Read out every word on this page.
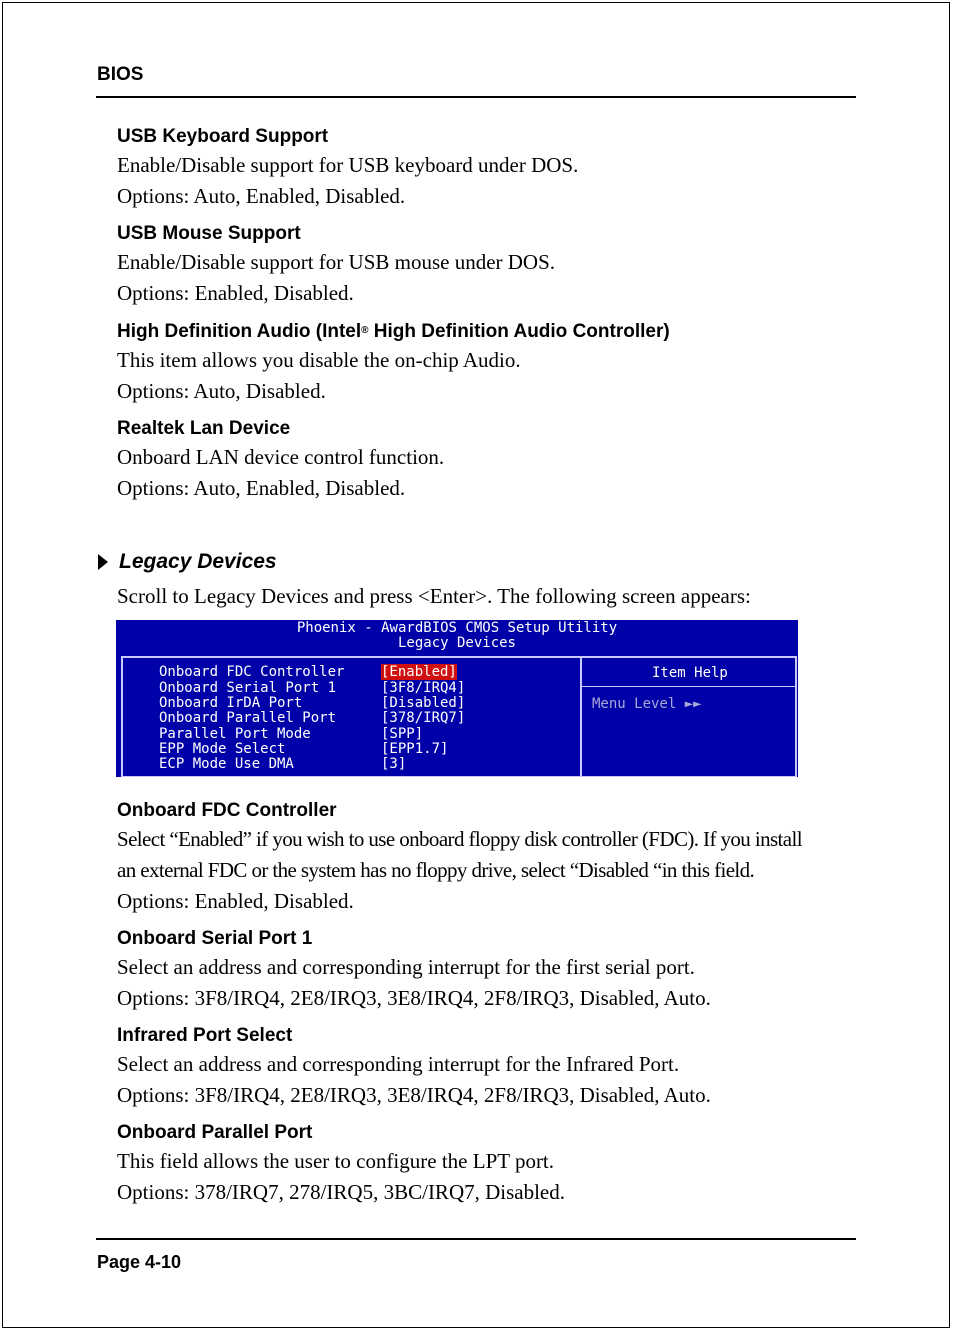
BIOS

USB Keyboard Support

Enable/Disable support for USB keyboard under DOS.

Options: Auto, Enabled, Disabled.

USB Mouse Support

Enable/Disable support for USB mouse under DOS.

Options: Enabled, Disabled.

High Definition Audio (Intel® High Definition Audio Controller)

This item allows you disable the on-chip Audio.

Options: Auto, Disabled.

Realtek Lan Device

Onboard LAN device control function.

Options: Auto, Enabled, Disabled.

Legacy Devices

Scroll to Legacy Devices and press <Enter>. The following screen appears:

Phoenix - AwardBIOS CMOS Setup Utility
Legacy Devices
Onboard FDC Controller	[Enabled]
Onboard Serial Port 1	[3F8/IRQ4]
Onboard IrDA Port	[Disabled]
Onboard Parallel Port	[378/IRQ7]
Parallel Port Mode	[SPP]
EPP Mode Select	[EPP1.7]
ECP Mode Use DMA	[3]
Item Help
Menu Level ►►

Onboard FDC Controller

Select “Enabled” if you wish to use onboard floppy disk controller (FDC). If you install

an external FDC or the system has no floppy drive, select “Disabled “in this field.

Options: Enabled, Disabled.

Onboard Serial Port 1

Select an address and corresponding interrupt for the first serial port.

Options: 3F8/IRQ4, 2E8/IRQ3, 3E8/IRQ4, 2F8/IRQ3, Disabled, Auto.

Infrared Port Select

Select an address and corresponding interrupt for the Infrared Port.

Options: 3F8/IRQ4, 2E8/IRQ3, 3E8/IRQ4, 2F8/IRQ3, Disabled, Auto.

Onboard Parallel Port

This field allows the user to configure the LPT port.

Options: 378/IRQ7, 278/IRQ5, 3BC/IRQ7, Disabled.

Page 4-10
